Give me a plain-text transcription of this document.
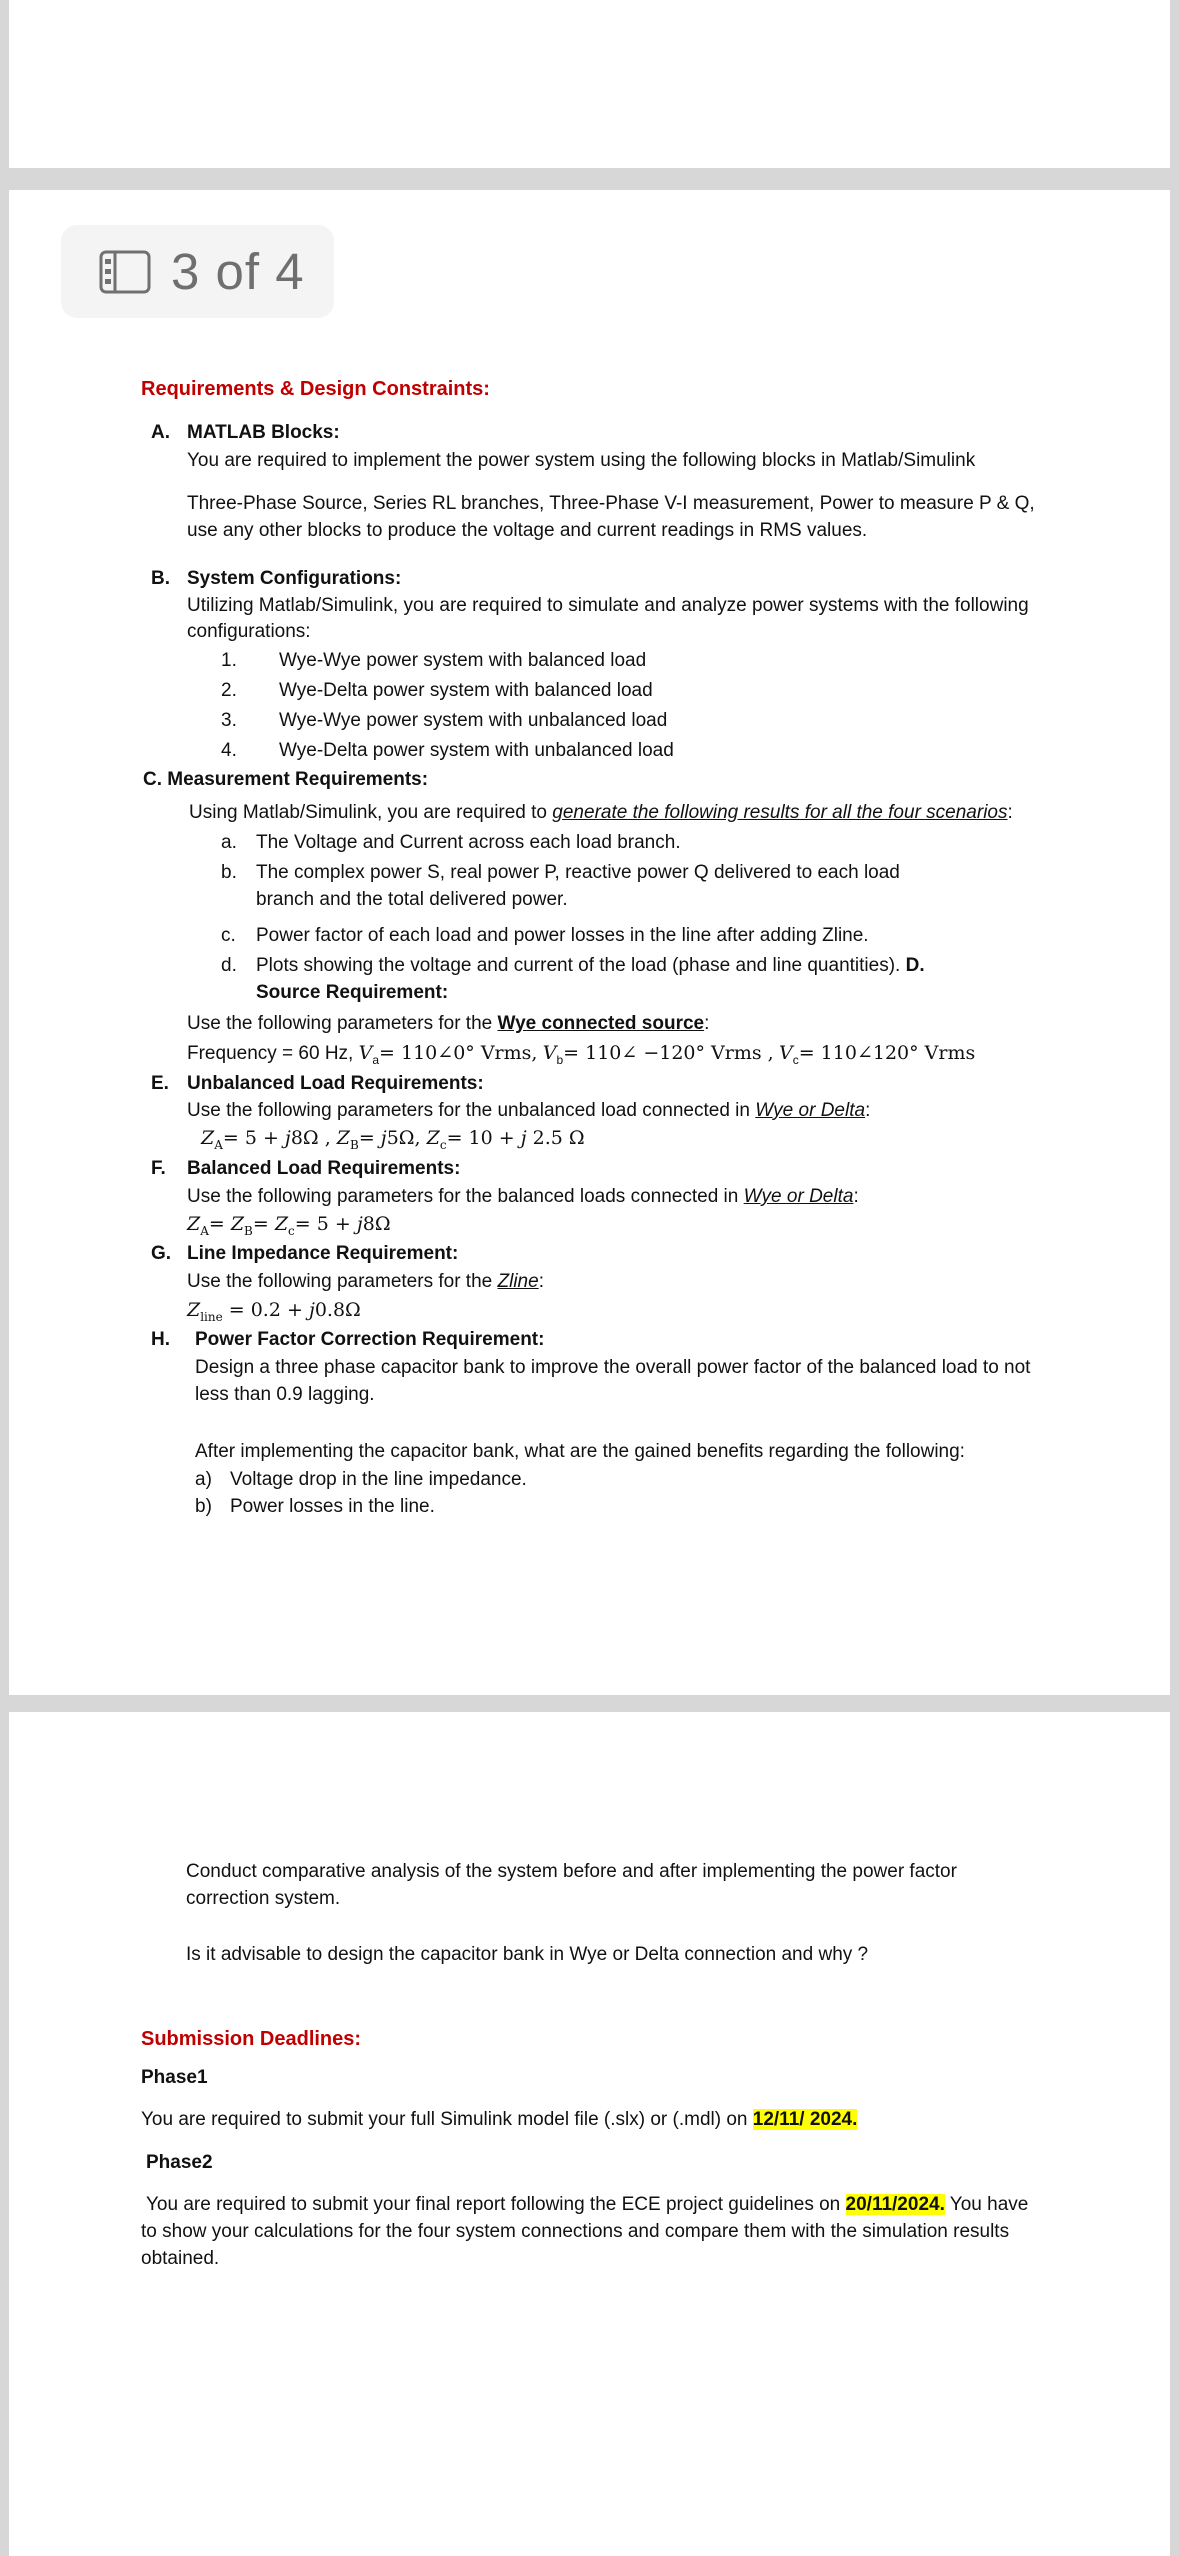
3 of 4
Requirements & Design Constraints:
A. MATLAB Blocks:
You are required to implement the power system using the following blocks in Matlab/Simulink
Three-Phase Source, Series RL branches, Three-Phase V-I measurement, Power to measure P & Q,
use any other blocks to produce the voltage and current readings in RMS values.
B. System Configurations:
Utilizing Matlab/Simulink, you are required to simulate and analyze power systems with the following
configurations:
1. Wye-Wye power system with balanced load
2. Wye-Delta power system with balanced load
3. Wye-Wye power system with unbalanced load
4. Wye-Delta power system with unbalanced load
C. Measurement Requirements:
Using Matlab/Simulink, you are required to generate the following results for all the four scenarios:
a. The Voltage and Current across each load branch.
b. The complex power S, real power P, reactive power Q delivered to each load
branch and the total delivered power.
c. Power factor of each load and power losses in the line after adding Zline.
d. Plots showing the voltage and current of the load (phase and line quantities). D.
Source Requirement:
Use the following parameters for the Wye connected source:
Frequency = 60 Hz, $V_a=$ 110∠0° Vrms, $V_b=$ 110∠ −120° Vrms , $V_c=$ 110∠120° Vrms
E. Unbalanced Load Requirements:
Use the following parameters for the unbalanced load connected in Wye or Delta:
$Z_A= 5 + j8\Omega$ , $Z_B= j5\Omega$, $Z_c= 10 + j$ 2.5 Ω
F. Balanced Load Requirements:
Use the following parameters for the balanced loads connected in Wye or Delta:
$Z_A= Z_B= Z_c= 5 + j8\Omega$
G. Line Impedance Requirement:
Use the following parameters for the Zline:
$Z_{line} = 0.2 + j0.8\Omega$
H. Power Factor Correction Requirement:
Design a three phase capacitor bank to improve the overall power factor of the balanced load to not
less than 0.9 lagging.
After implementing the capacitor bank, what are the gained benefits regarding the following:
a) Voltage drop in the line impedance.
b) Power losses in the line.
Conduct comparative analysis of the system before and after implementing the power factor
correction system.
Is it advisable to design the capacitor bank in Wye or Delta connection and why ?
Submission Deadlines:
Phase1
You are required to submit your full Simulink model file (.slx) or (.mdl) on 12/11/ 2024.
Phase2
You are required to submit your final report following the ECE project guidelines on 20/11/2024. You have
to show your calculations for the four system connections and compare them with the simulation results
obtained.
